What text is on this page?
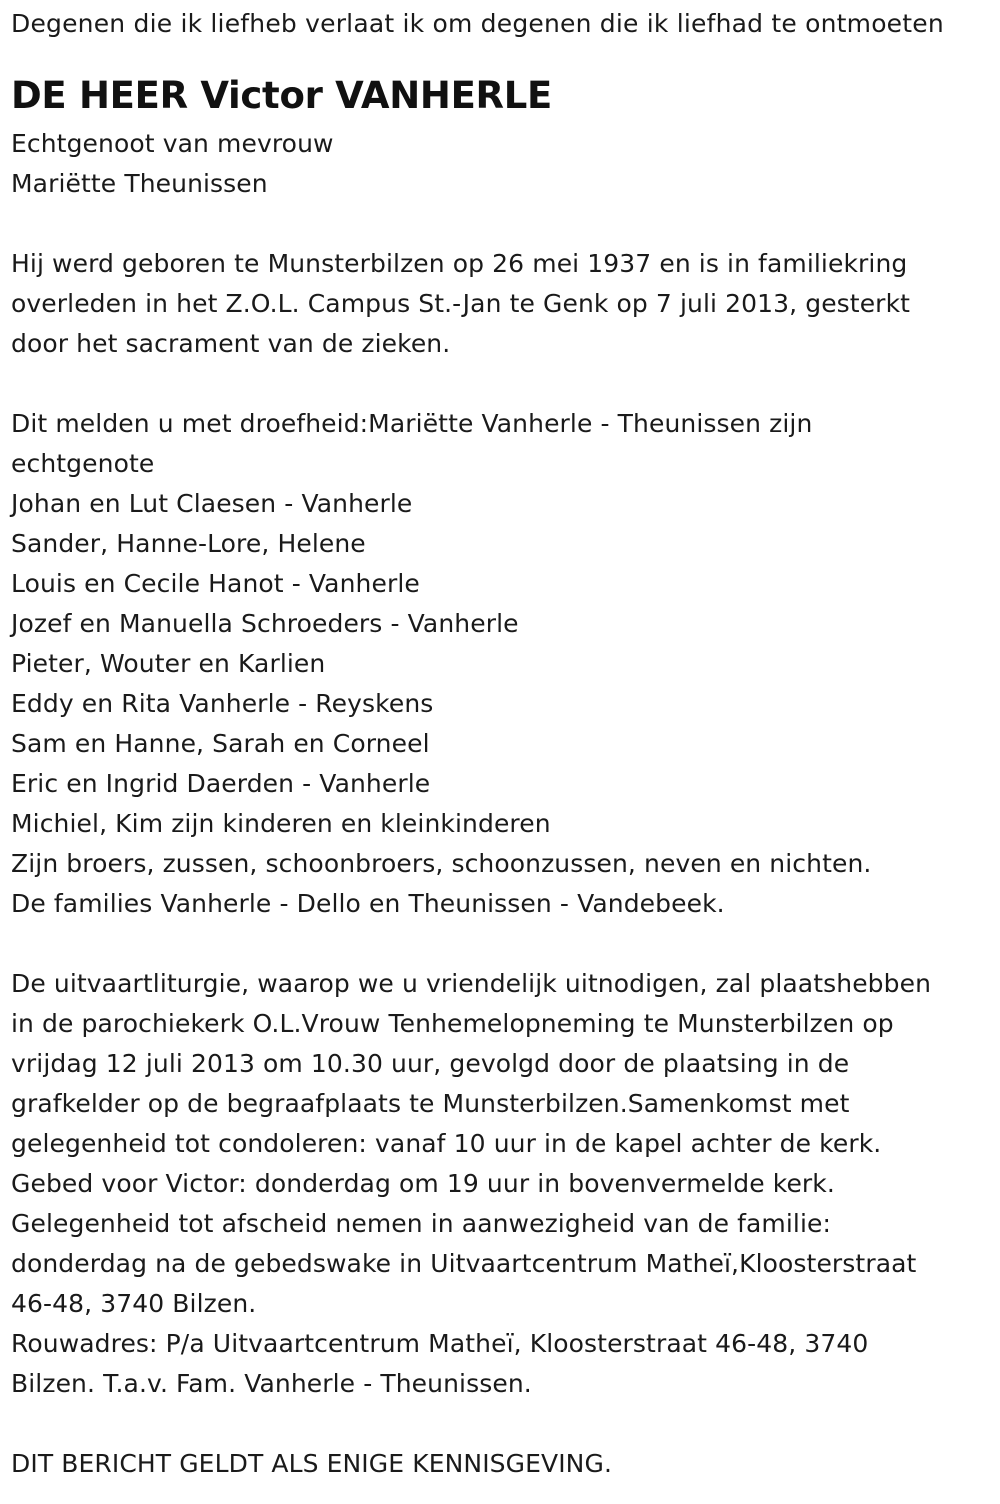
Degenen die ik liefheb verlaat ik om degenen die ik liefhad te ontmoeten
DE HEER Victor VANHERLE
Echtgenoot van mevrouw
Mariëtte Theunissen
Hij werd geboren te Munsterbilzen op 26 mei 1937 en is in familiekring
overleden in het Z.O.L. Campus St.-Jan te Genk op 7 juli 2013, gesterkt
door het sacrament van de zieken.
Dit melden u met droefheid:Mariëtte Vanherle - Theunissen zijn
echtgenote
Johan en Lut Claesen - Vanherle
Sander, Hanne-Lore, Helene
Louis en Cecile Hanot - Vanherle
Jozef en Manuella Schroeders - Vanherle
Pieter, Wouter en Karlien
Eddy en Rita Vanherle - Reyskens
Sam en Hanne, Sarah en Corneel
Eric en Ingrid Daerden - Vanherle
Michiel, Kim zijn kinderen en kleinkinderen
Zijn broers, zussen, schoonbroers, schoonzussen, neven en nichten.
De families Vanherle - Dello en Theunissen - Vandebeek.
De uitvaartliturgie, waarop we u vriendelijk uitnodigen, zal plaatshebben
in de parochiekerk O.L.Vrouw Tenhemelopneming te Munsterbilzen op
vrijdag 12 juli 2013 om 10.30 uur, gevolgd door de plaatsing in de
grafkelder op de begraafplaats te Munsterbilzen.Samenkomst met
gelegenheid tot condoleren: vanaf 10 uur in de kapel achter de kerk.
Gebed voor Victor: donderdag om 19 uur in bovenvermelde kerk.
Gelegenheid tot afscheid nemen in aanwezigheid van de familie:
donderdag na de gebedswake in Uitvaartcentrum Matheï,Kloosterstraat
46-48, 3740 Bilzen.
Rouwadres: P/a Uitvaartcentrum Matheï, Kloosterstraat 46-48, 3740
Bilzen. T.a.v. Fam. Vanherle - Theunissen.
DIT BERICHT GELDT ALS ENIGE KENNISGEVING.
